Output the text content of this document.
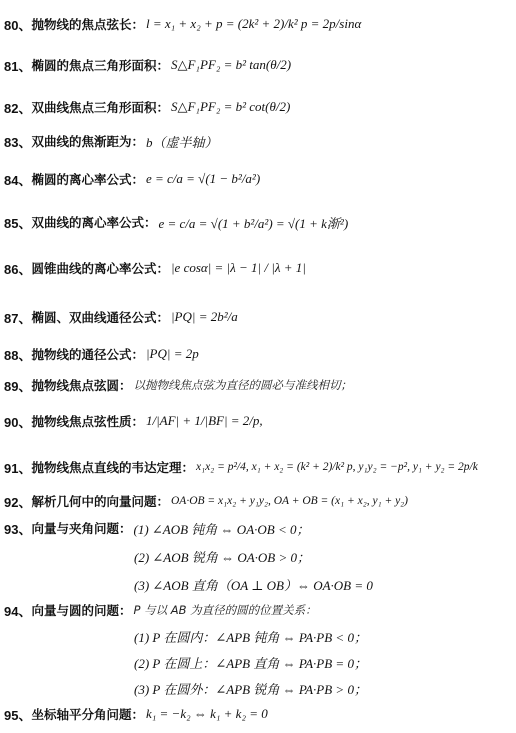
80、 抛物线的焦点弦长： l = x₁ + x₂ + p = (2k² + 2)/k² p = 2p/sinα
81、 椭圆的焦点三角形面积： S△F₁PF₂ = b² tan(θ/2)
82、 双曲线焦点三角形面积： S△F₁PF₂ = b² cot(θ/2)
83、 双曲线的焦渐距为： b（虚半轴）
84、 椭圆的离心率公式： e = c/a = √(1 − b²/a²)
85、 双曲线的离心率公式： e = c/a = √(1 + b²/a²) = √(1 + k渐²)
86、 圆锥曲线的离心率公式： |e cosα| = |λ − 1| / |λ + 1|
87、 椭圆、双曲线通径公式： |PQ| = 2b²/a
88、 抛物线的通径公式： |PQ| = 2p
89、 抛物线焦点弦圆： 以抛物线焦点弦为直径的圆必与准线相切；
90、 抛物线焦点弦性质： 1/|AF| + 1/|BF| = 2/p,
91、 抛物线焦点直线的韦达定理： x₁x₂ = p²/4, x₁ + x₂ = (k² + 2)/k² p, y₁y₂ = −p², y₁ + y₂ = 2p/k
92、 解析几何中的向量问题： OA·OB = x₁x₂ + y₁y₂, OA + OB = (x₁ + x₂, y₁ + y₂)
93、 向量与夹角问题： (1) ∠AOB 钝角 ⇔ OA·OB < 0；
(2) ∠AOB 锐角 ⇔ OA·OB > 0；
(3) ∠AOB 直角（OA ⊥ OB）⇔ OA·OB = 0
94、 向量与圆的问题： P 与以 AB 为直径的圆的位置关系：
(1) P 在圆内：∠APB 钝角 ⇔ PA·PB < 0；
(2) P 在圆上：∠APB 直角 ⇔ PA·PB = 0；
(3) P 在圆外：∠APB 锐角 ⇔ PA·PB > 0；
95、 坐标轴平分角问题： k₁ = −k₂ ⇔ k₁ + k₂ = 0
